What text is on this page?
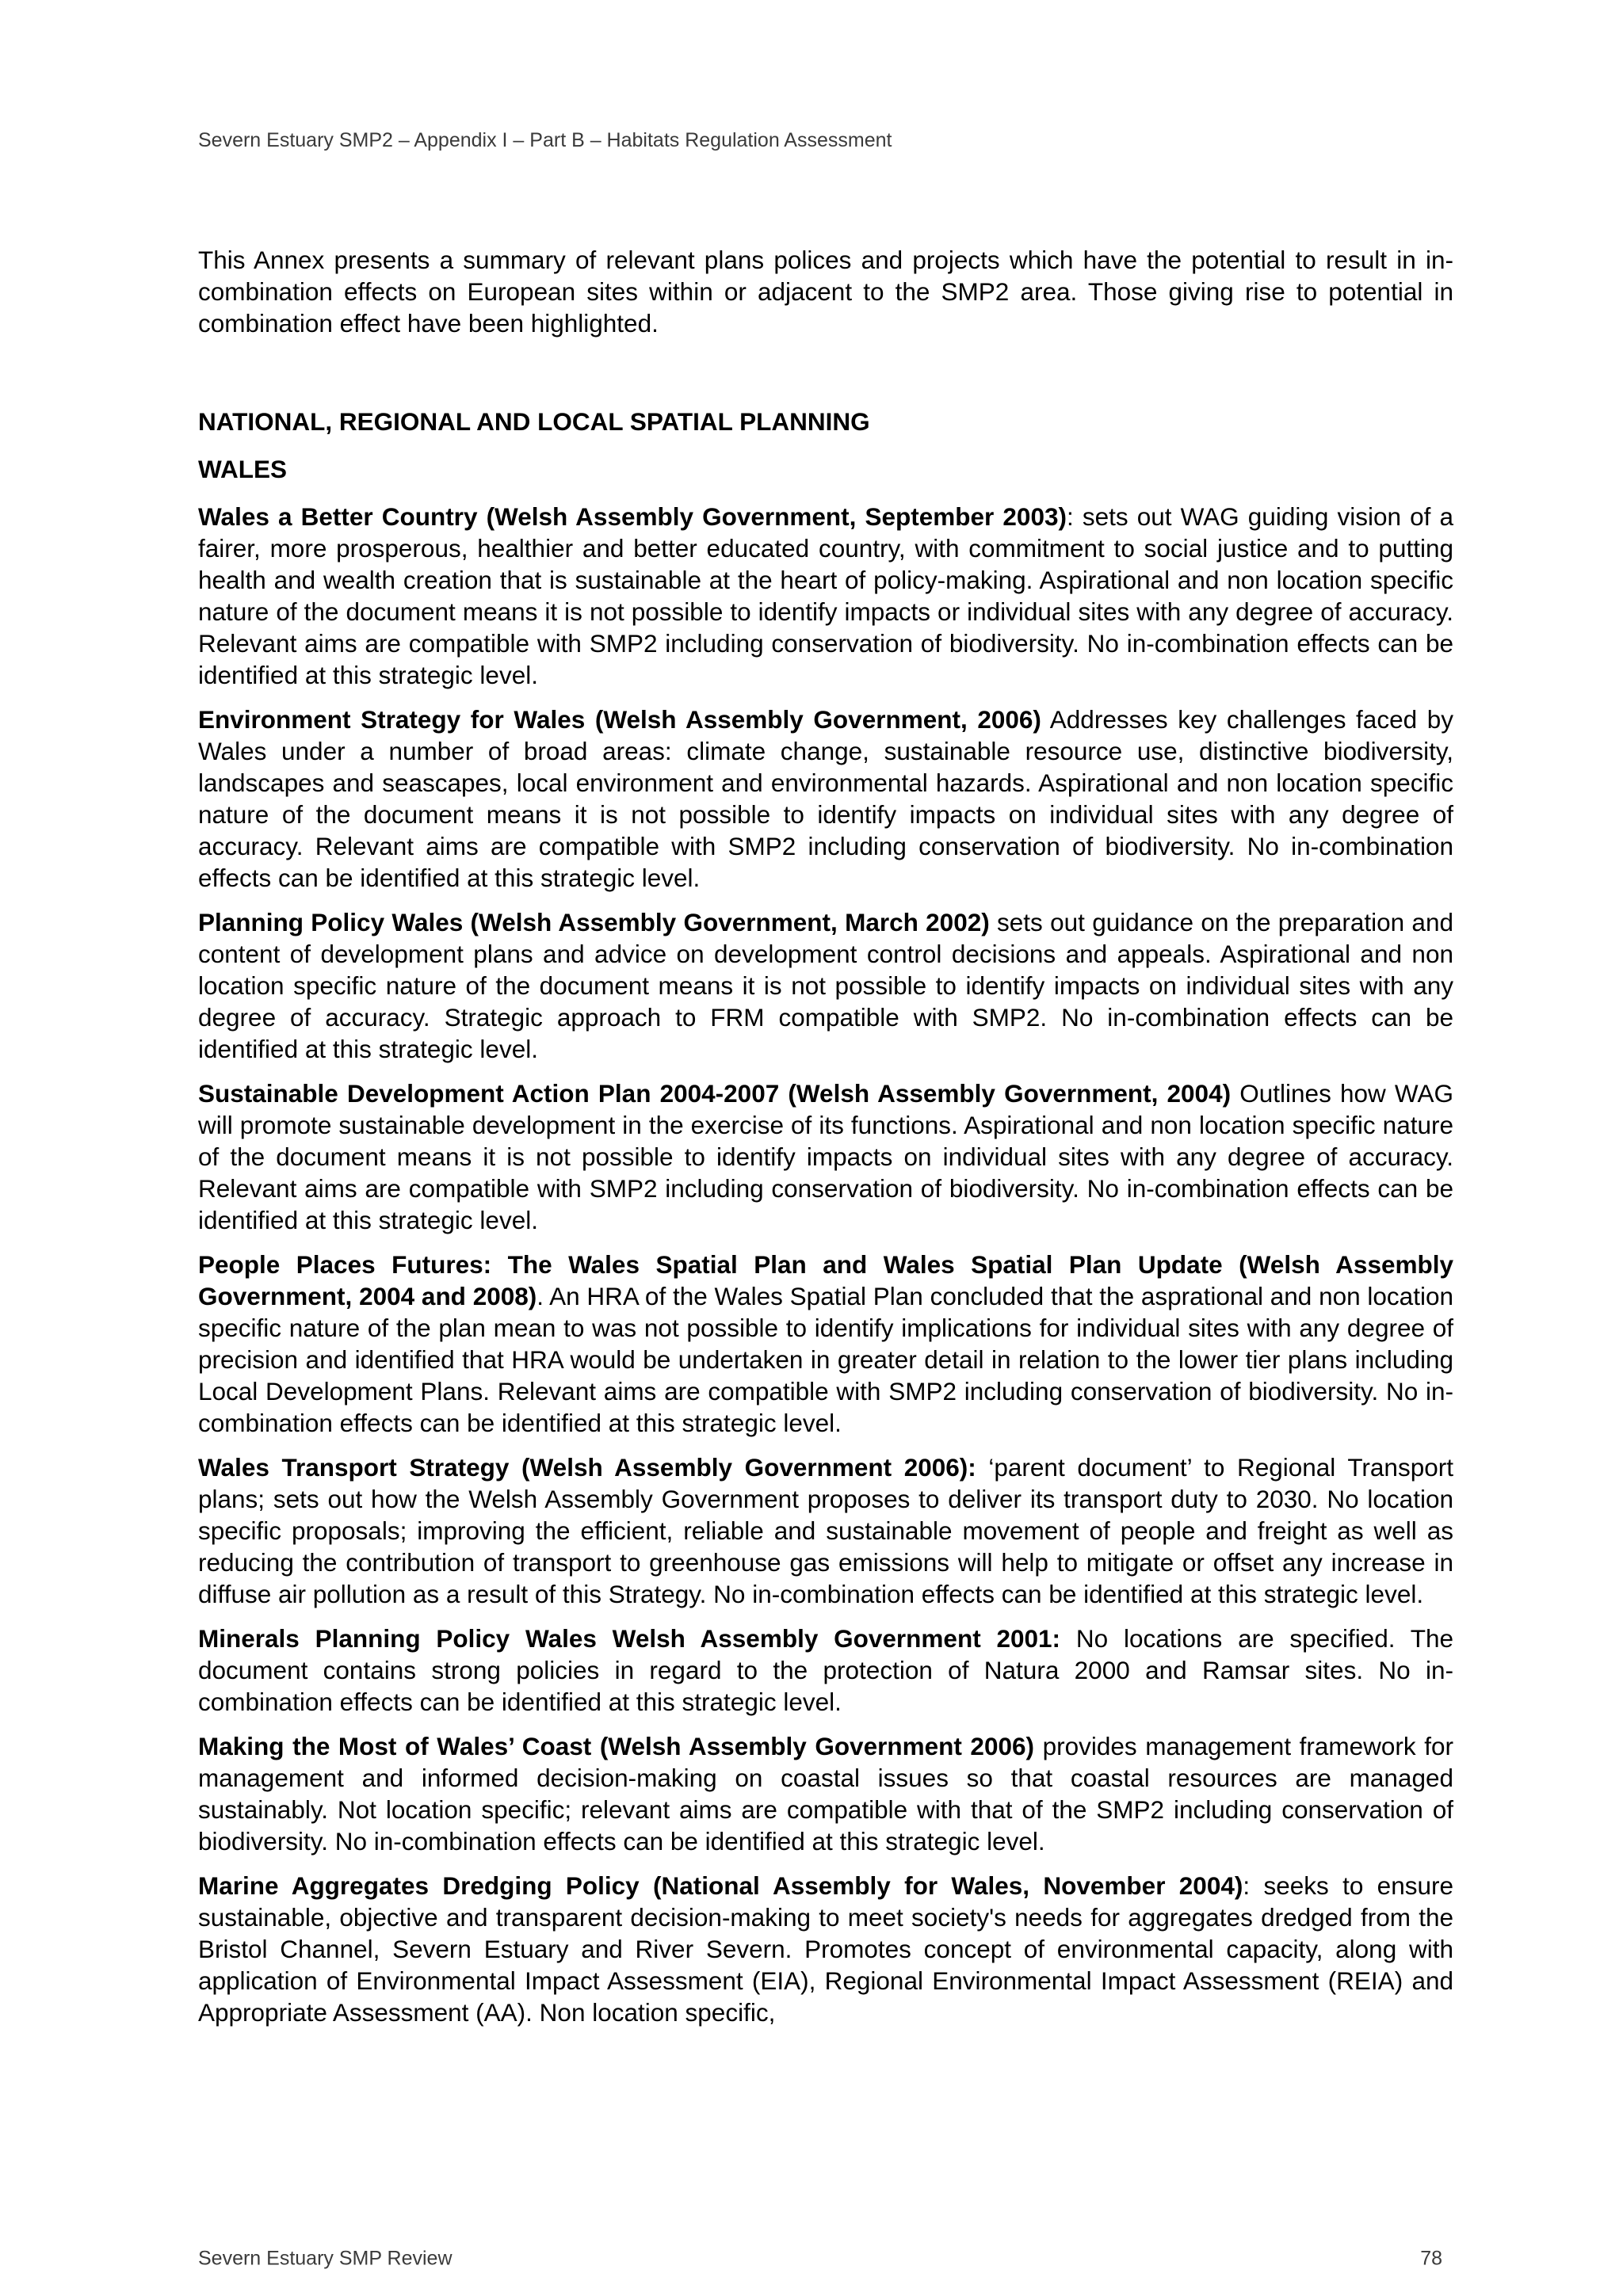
Severn Estuary SMP2 – Appendix I – Part B – Habitats Regulation Assessment

This Annex presents a summary of relevant plans polices and projects which have the potential to result in in-combination effects on European sites within or adjacent to the SMP2 area. Those giving rise to potential in combination effect have been highlighted.

NATIONAL, REGIONAL AND LOCAL SPATIAL PLANNING

WALES

Wales a Better Country (Welsh Assembly Government, September 2003): sets out WAG guiding vision of a fairer, more prosperous, healthier and better educated country, with commitment to social justice and to putting health and wealth creation that is sustainable at the heart of policy-making. Aspirational and non location specific nature of the document means it is not possible to identify impacts or individual sites with any degree of accuracy. Relevant aims are compatible with SMP2 including conservation of biodiversity. No in-combination effects can be identified at this strategic level.

Environment Strategy for Wales (Welsh Assembly Government, 2006) Addresses key challenges faced by Wales under a number of broad areas: climate change, sustainable resource use, distinctive biodiversity, landscapes and seascapes, local environment and environmental hazards. Aspirational and non location specific nature of the document means it is not possible to identify impacts on individual sites with any degree of accuracy. Relevant aims are compatible with SMP2 including conservation of biodiversity. No in-combination effects can be identified at this strategic level.

Planning Policy Wales (Welsh Assembly Government, March 2002) sets out guidance on the preparation and content of development plans and advice on development control decisions and appeals. Aspirational and non location specific nature of the document means it is not possible to identify impacts on individual sites with any degree of accuracy. Strategic approach to FRM compatible with SMP2. No in-combination effects can be identified at this strategic level.

Sustainable Development Action Plan 2004-2007 (Welsh Assembly Government, 2004) Outlines how WAG will promote sustainable development in the exercise of its functions. Aspirational and non location specific nature of the document means it is not possible to identify impacts on individual sites with any degree of accuracy. Relevant aims are compatible with SMP2 including conservation of biodiversity. No in-combination effects can be identified at this strategic level.

People Places Futures: The Wales Spatial Plan and Wales Spatial Plan Update (Welsh Assembly Government, 2004 and 2008). An HRA of the Wales Spatial Plan concluded that the asprational and non location specific nature of the plan mean to was not possible to identify implications for individual sites with any degree of precision and identified that HRA would be undertaken in greater detail in relation to the lower tier plans including Local Development Plans. Relevant aims are compatible with SMP2 including conservation of biodiversity. No in-combination effects can be identified at this strategic level.

Wales Transport Strategy (Welsh Assembly Government 2006): ‘parent document’ to Regional Transport plans; sets out how the Welsh Assembly Government proposes to deliver its transport duty to 2030. No location specific proposals; improving the efficient, reliable and sustainable movement of people and freight as well as reducing the contribution of transport to greenhouse gas emissions will help to mitigate or offset any increase in diffuse air pollution as a result of this Strategy. No in-combination effects can be identified at this strategic level.

Minerals Planning Policy Wales Welsh Assembly Government 2001: No locations are specified. The document contains strong policies in regard to the protection of Natura 2000 and Ramsar sites. No in-combination effects can be identified at this strategic level.

Making the Most of Wales’ Coast (Welsh Assembly Government 2006) provides management framework for management and informed decision-making on coastal issues so that coastal resources are managed sustainably. Not location specific; relevant aims are compatible with that of the SMP2 including conservation of biodiversity. No in-combination effects can be identified at this strategic level.

Marine Aggregates Dredging Policy (National Assembly for Wales, November 2004): seeks to ensure sustainable, objective and transparent decision-making to meet society's needs for aggregates dredged from the Bristol Channel, Severn Estuary and River Severn. Promotes concept of environmental capacity, along with application of Environmental Impact Assessment (EIA), Regional Environmental Impact Assessment (REIA) and Appropriate Assessment (AA). Non location specific,

Severn Estuary SMP Review	78
